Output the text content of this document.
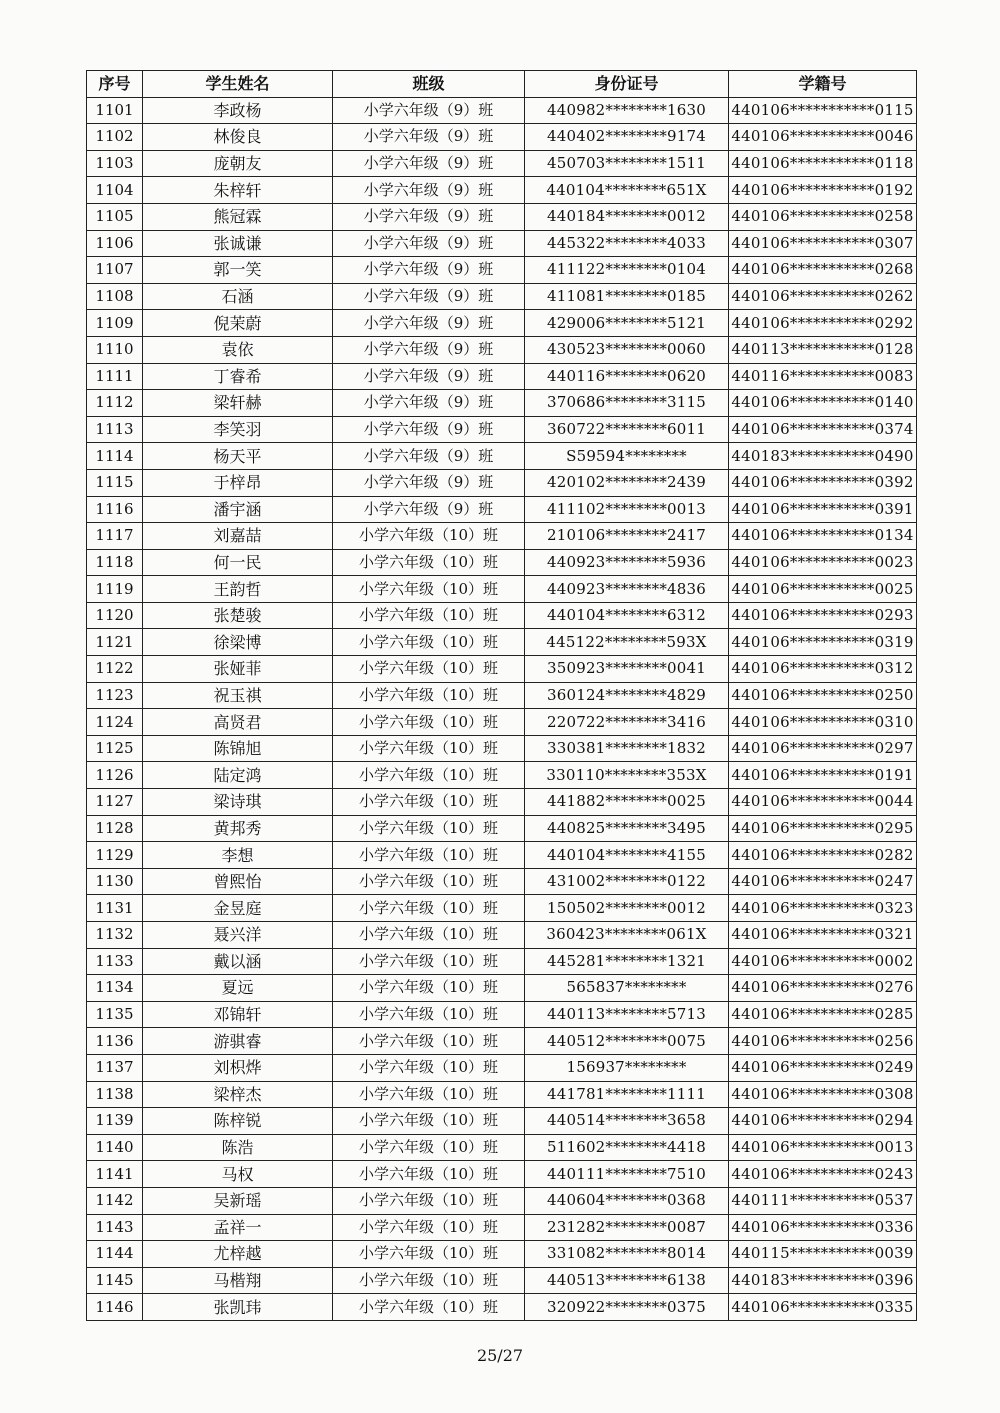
序号	学生姓名	班级	身份证号	学籍号
1101	李政杨	小学六年级（9）班	440982********1630	440106***********0115
1102	林俊良	小学六年级（9）班	440402********9174	440106***********0046
1103	庞朝友	小学六年级（9）班	450703********1511	440106***********0118
1104	朱梓轩	小学六年级（9）班	440104********651X	440106***********0192
1105	熊冠霖	小学六年级（9）班	440184********0012	440106***********0258
1106	张诚谦	小学六年级（9）班	445322********4033	440106***********0307
1107	郭一笑	小学六年级（9）班	411122********0104	440106***********0268
1108	石涵	小学六年级（9）班	411081********0185	440106***********0262
1109	倪茉蔚	小学六年级（9）班	429006********5121	440106***********0292
1110	袁依	小学六年级（9）班	430523********0060	440113***********0128
1111	丁睿希	小学六年级（9）班	440116********0620	440116***********0083
1112	梁轩赫	小学六年级（9）班	370686********3115	440106***********0140
1113	李笑羽	小学六年级（9）班	360722********6011	440106***********0374
1114	杨天平	小学六年级（9）班	S59594********	440183***********0490
1115	于梓昂	小学六年级（9）班	420102********2439	440106***********0392
1116	潘宇涵	小学六年级（9）班	411102********0013	440106***********0391
1117	刘嘉喆	小学六年级（10）班	210106********2417	440106***********0134
1118	何一民	小学六年级（10）班	440923********5936	440106***********0023
1119	王韵哲	小学六年级（10）班	440923********4836	440106***********0025
1120	张楚骏	小学六年级（10）班	440104********6312	440106***********0293
1121	徐梁博	小学六年级（10）班	445122********593X	440106***********0319
1122	张娅菲	小学六年级（10）班	350923********0041	440106***********0312
1123	祝玉祺	小学六年级（10）班	360124********4829	440106***********0250
1124	高贤君	小学六年级（10）班	220722********3416	440106***********0310
1125	陈锦旭	小学六年级（10）班	330381********1832	440106***********0297
1126	陆定鸿	小学六年级（10）班	330110********353X	440106***********0191
1127	梁诗琪	小学六年级（10）班	441882********0025	440106***********0044
1128	黄邦秀	小学六年级（10）班	440825********3495	440106***********0295
1129	李想	小学六年级（10）班	440104********4155	440106***********0282
1130	曾熙怡	小学六年级（10）班	431002********0122	440106***********0247
1131	金昱庭	小学六年级（10）班	150502********0012	440106***********0323
1132	聂兴洋	小学六年级（10）班	360423********061X	440106***********0321
1133	戴以涵	小学六年级（10）班	445281********1321	440106***********0002
1134	夏远	小学六年级（10）班	565837********	440106***********0276
1135	邓锦轩	小学六年级（10）班	440113********5713	440106***********0285
1136	游骐睿	小学六年级（10）班	440512********0075	440106***********0256
1137	刘枳烨	小学六年级（10）班	156937********	440106***********0249
1138	梁梓杰	小学六年级（10）班	441781********1111	440106***********0308
1139	陈梓锐	小学六年级（10）班	440514********3658	440106***********0294
1140	陈浩	小学六年级（10）班	511602********4418	440106***********0013
1141	马权	小学六年级（10）班	440111********7510	440106***********0243
1142	吴新瑶	小学六年级（10）班	440604********0368	440111***********0537
1143	孟祥一	小学六年级（10）班	231282********0087	440106***********0336
1144	尤梓越	小学六年级（10）班	331082********8014	440115***********0039
1145	马楷翔	小学六年级（10）班	440513********6138	440183***********0396
1146	张凯玮	小学六年级（10）班	320922********0375	440106***********0335
25/27
